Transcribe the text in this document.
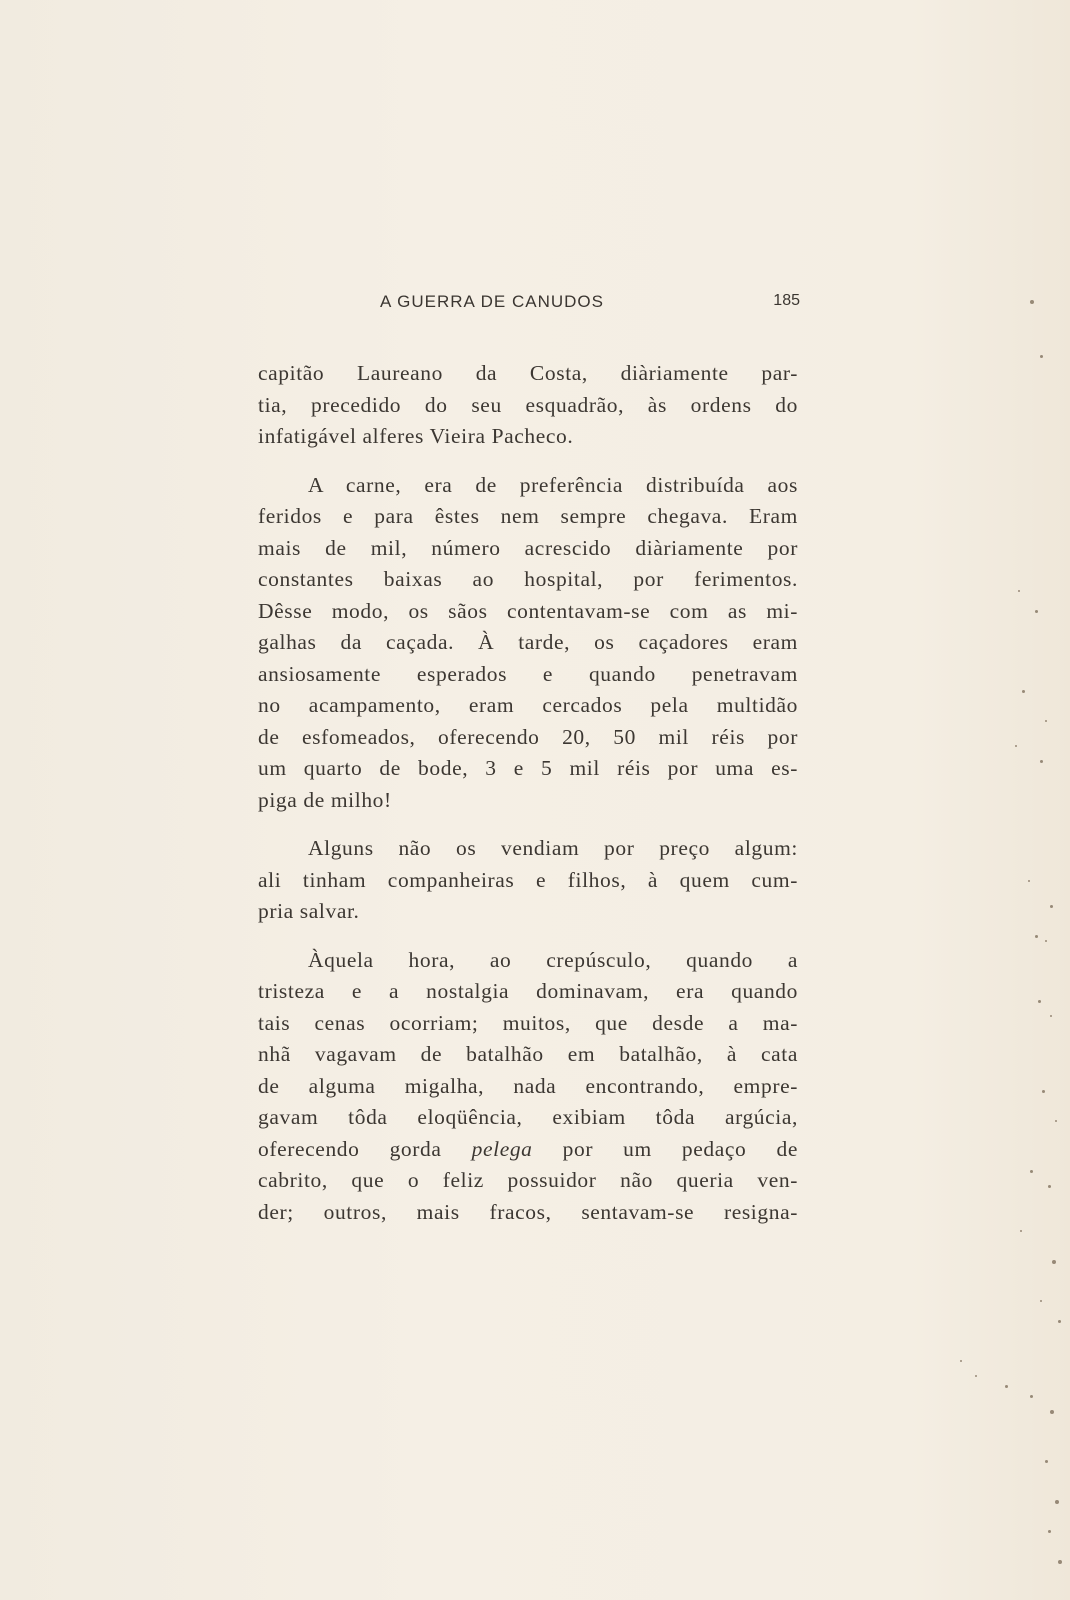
A GUERRA DE CANUDOS	185
capitão Laureano da Costa, diàriamente par-
tia, precedido do seu esquadrão, às ordens do
infatigável alferes Vieira Pacheco.
A carne, era de preferência distribuída aos
feridos e para êstes nem sempre chegava. Eram
mais de mil, número acrescido diàriamente por
constantes baixas ao hospital, por ferimentos.
Dêsse modo, os sãos contentavam-se com as mi-
galhas da caçada. À tarde, os caçadores eram
ansiosamente esperados e quando penetravam
no acampamento, eram cercados pela multidão
de esfomeados, oferecendo 20, 50 mil réis por
um quarto de bode, 3 e 5 mil réis por uma es-
piga de milho!
Alguns não os vendiam por preço algum:
ali tinham companheiras e filhos, à quem cum-
pria salvar.
Àquela hora, ao crepúsculo, quando a
tristeza e a nostalgia dominavam, era quando
tais cenas ocorriam; muitos, que desde a ma-
nhã vagavam de batalhão em batalhão, à cata
de alguma migalha, nada encontrando, empre-
gavam tôda eloqüência, exibiam tôda argúcia,
oferecendo gorda pelega por um pedaço de
cabrito, que o feliz possuidor não queria ven-
der; outros, mais fracos, sentavam-se resigna-
